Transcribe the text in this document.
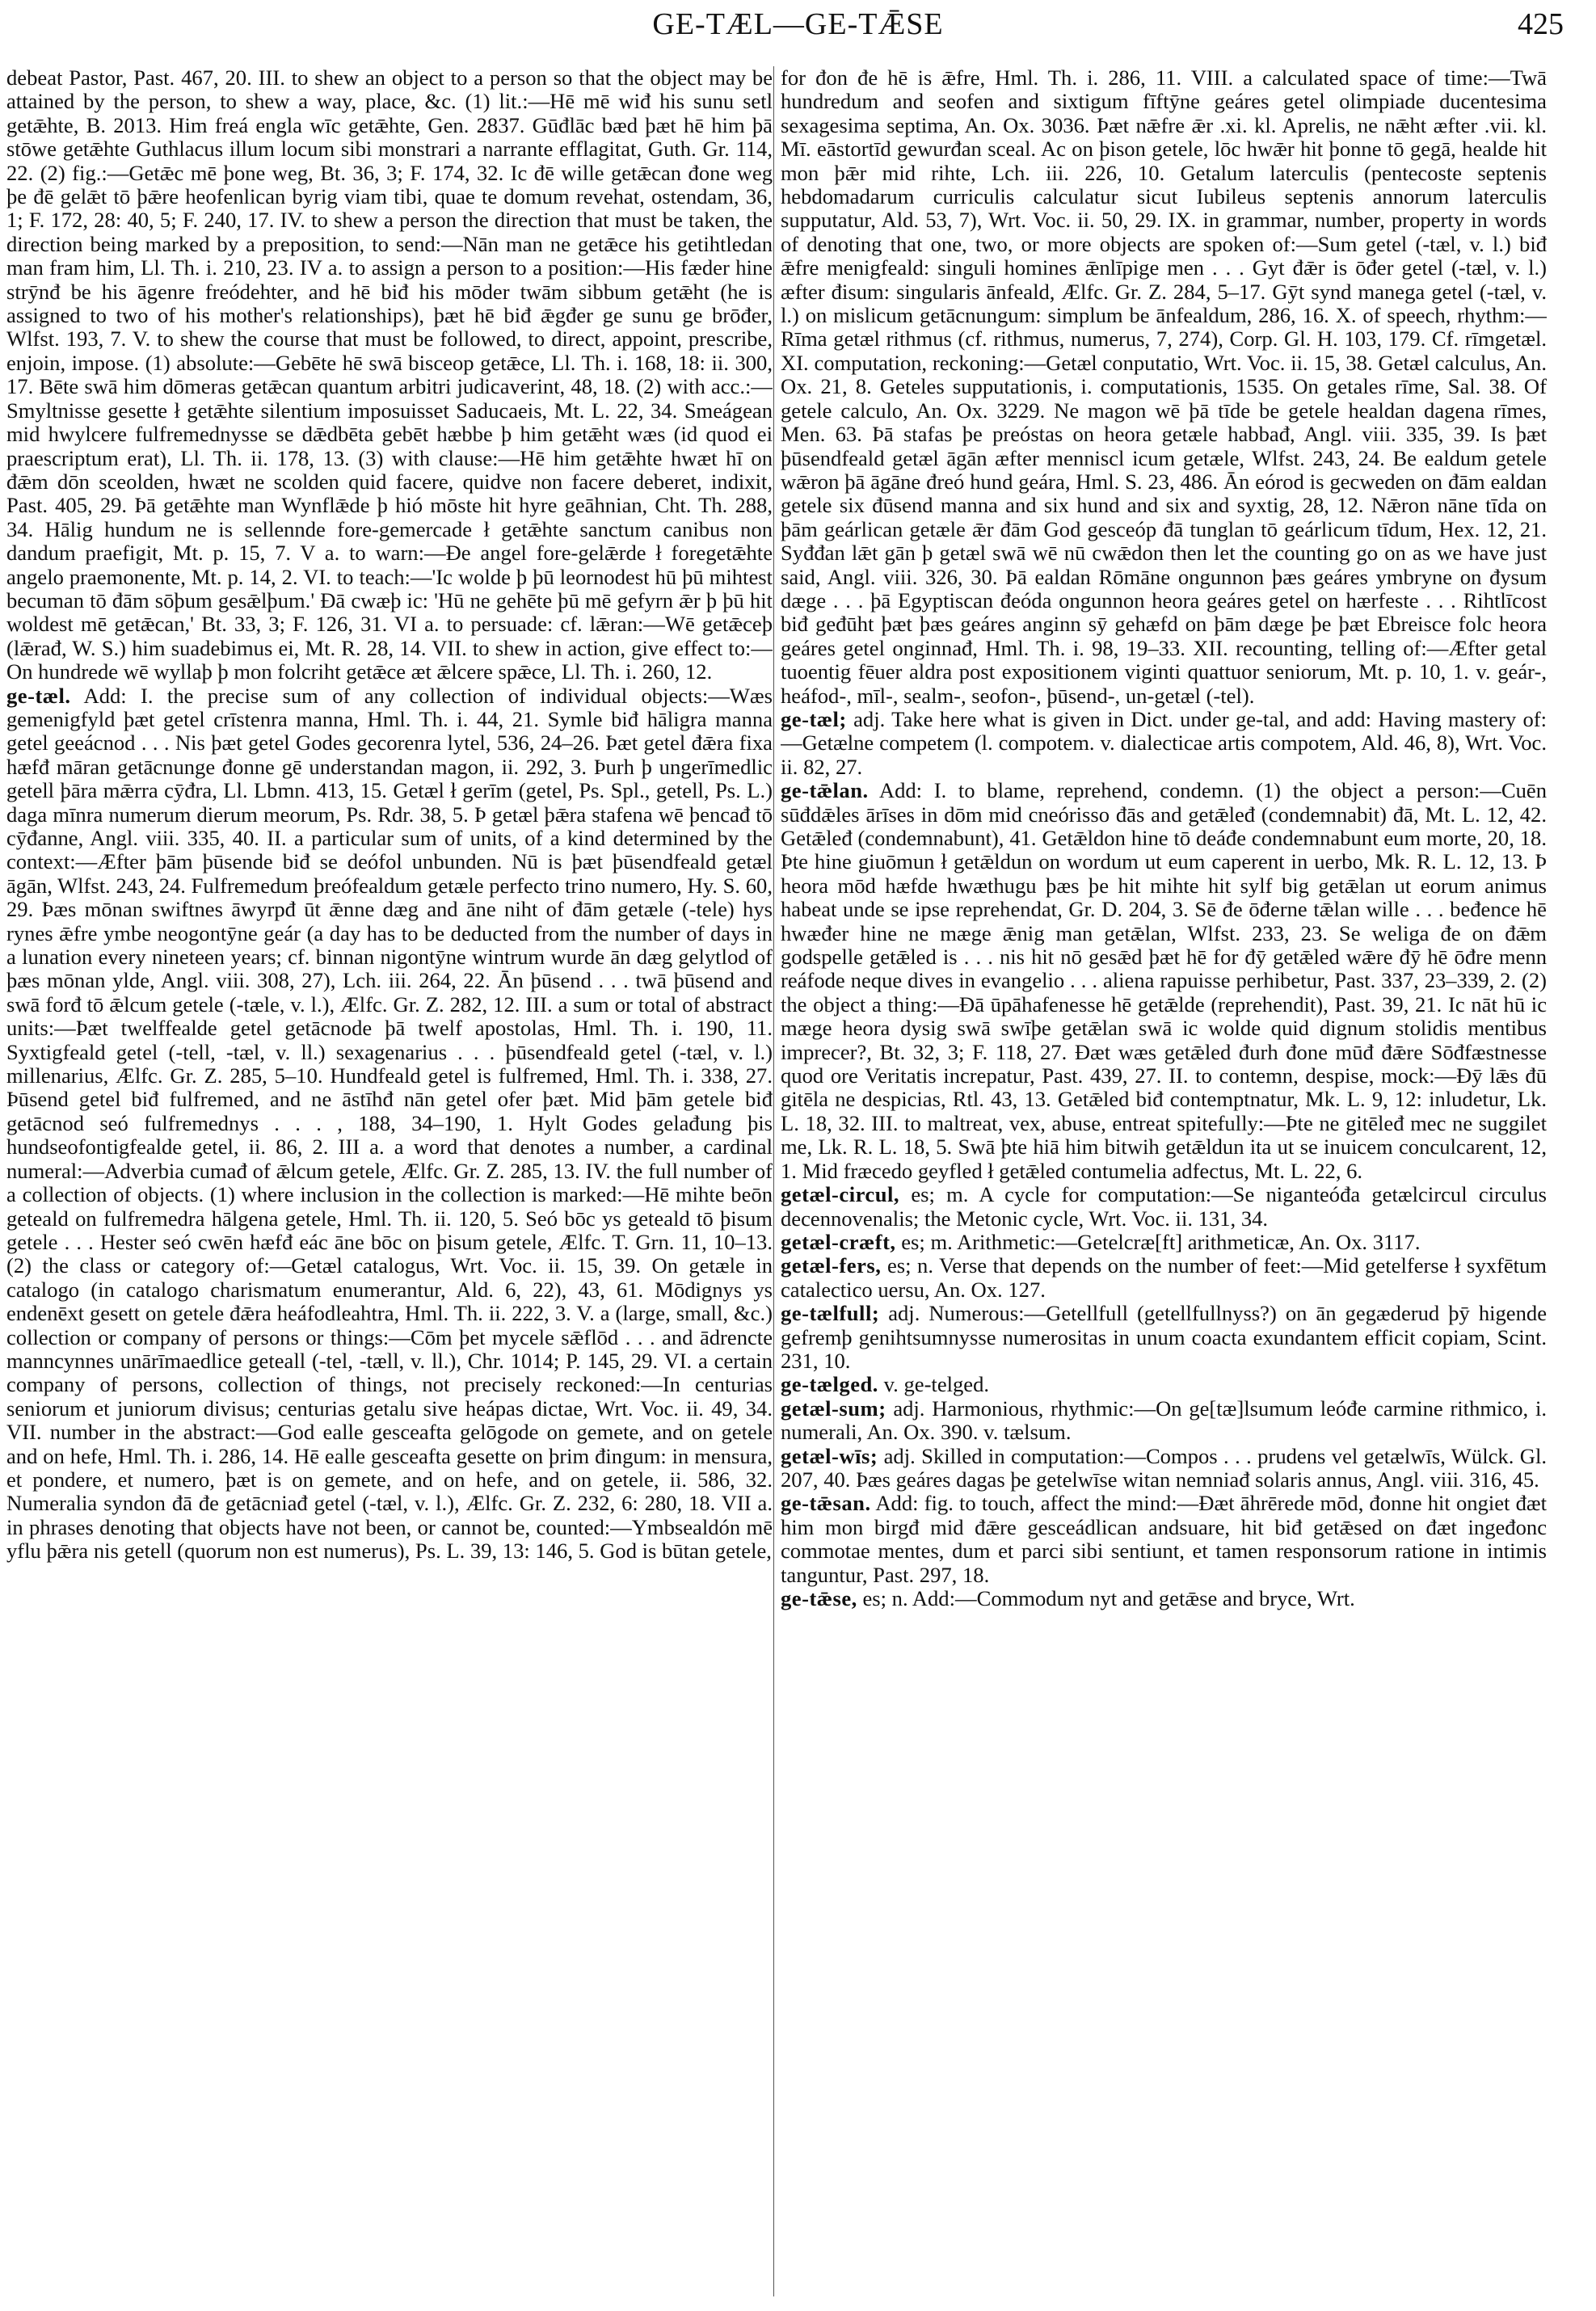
GE-TÆL—GE-TǢSE	425

debeat Pastor, Past. 467, 20. III. to shew an object to a person so that the object may be attained by the person, to shew a way, place, &c. (1) lit.:—Hē mē wiđ his sunu setl getǣhte, B. 2013. Him freá engla wīc getǣhte, Gen. 2837. Gūđlāc bæd þæt hē him þā stōwe getǣhte Guthlacus illum locum sibi monstrari a narrante efflagitat, Guth. Gr. 114, 22. (2) fig.:—Getǣc mē þone weg, Bt. 36, 3; F. 174, 32. Ic đē wille getǣcan đone weg þe đē gelǣt tō þǣre heofenlican byrig viam tibi, quae te domum revehat, ostendam, 36, 1; F. 172, 28: 40, 5; F. 240, 17. IV. to shew a person the direction that must be taken, the direction being marked by a preposition, to send:—Nān man ne getǣce his getihtledan man fram him, Ll. Th. i. 210, 23. IV a. to assign a person to a position:—His fæder hine strȳnđ be his āgenre freódehter, and hē biđ his mōder twām sibbum getǣht (he is assigned to two of his mother's relationships), þæt hē biđ ǣgđer ge sunu ge brōđer, Wlfst. 193, 7. V. to shew the course that must be followed, to direct, appoint, prescribe, enjoin, impose. (1) absolute:—Gebēte hē swā bisceop getǣce, Ll. Th. i. 168, 18: ii. 300, 17. Bēte swā him dōmeras getǣcan quantum arbitri judicaverint, 48, 18. (2) with acc.:—Smyltnisse gesette ł getǣhte silentium imposuisset Saducaeis, Mt. L. 22, 34. Smeágean mid hwylcere fulfremednysse se dǣdbēta gebēt hæbbe þ him getǣht wæs (id quod ei praescriptum erat), Ll. Th. ii. 178, 13. (3) with clause:—Hē him getǣhte hwæt hī on đǣm dōn sceolden, hwæt ne scolden quid facere, quidve non facere deberet, indixit, Past. 405, 29. Þā getǣhte man Wynflǣde þ hió mōste hit hyre geāhnian, Cht. Th. 288, 34. Hālig hundum ne is sellennde fore-gemercade ł getǣhte sanctum canibus non dandum praefigit, Mt. p. 15, 7. V a. to warn:—Đe angel fore-gelǣrde ł foregetǣhte angelo praemonente, Mt. p. 14, 2. VI. to teach:—'Ic wolde þ þū leornodest hū þū mihtest becuman tō đām sōþum gesǣlþum.' Đā cwæþ ic: 'Hū ne gehēte þū mē gefyrn ǣr þ þū hit woldest mē getǣcan,' Bt. 33, 3; F. 126, 31. VI a. to persuade: cf. lǣran:—Wē getǣceþ (lǣrađ, W. S.) him suadebimus ei, Mt. R. 28, 14. VII. to shew in action, give effect to:—On hundrede wē wyllaþ þ mon folcriht getǣce æt ǣlcere spǣce, Ll. Th. i. 260, 12.

ge-tæl. Add: I. the precise sum of any collection of individual objects:—Wæs gemenigfyld þæt getel crīstenra manna, Hml. Th. i. 44, 21. Symle biđ hāligra manna getel geeácnod . . . Nis þæt getel Godes gecorenra lytel, 536, 24–26. Þæt getel đǣra fixa hæfđ māran getācnunge đonne gē understandan magon, ii. 292, 3. Þurh þ ungerīmedlic getell þāra mǣrra cȳđra, Ll. Lbmn. 413, 15. Getæl ł gerīm (getel, Ps. Spl., getell, Ps. L.) daga mīnra numerum dierum meorum, Ps. Rdr. 38, 5. Þ getæl þǣra stafena wē þencađ tō cȳđanne, Angl. viii. 335, 40. II. a particular sum of units, of a kind determined by the context:—Æfter þām þūsende biđ se deófol unbunden. Nū is þæt þūsendfeald getæl āgān, Wlfst. 243, 24. Fulfremedum þreófealdum getæle perfecto trino numero, Hy. S. 60, 29. Þæs mōnan swiftnes āwyrpđ ūt ǣnne dæg and āne niht of đām getæle (-tele) hys rynes ǣfre ymbe neogontȳne geár (a day has to be deducted from the number of days in a lunation every nineteen years; cf. binnan nigontȳne wintrum wurde ān dæg gelytlod of þæs mōnan ylde, Angl. viii. 308, 27), Lch. iii. 264, 22. Ān þūsend . . . twā þūsend and swā forđ tō ǣlcum getele (-tæle, v. l.), Ælfc. Gr. Z. 282, 12. III. a sum or total of abstract units:—Þæt twelffealde getel getācnode þā twelf apostolas, Hml. Th. i. 190, 11. Syxtigfeald getel (-tell, -tæl, v. ll.) sexagenarius . . . þūsendfeald getel (-tæl, v. l.) millenarius, Ælfc. Gr. Z. 285, 5–10. Hundfeald getel is fulfremed, Hml. Th. i. 338, 27. Þūsend getel biđ fulfremed, and ne āstīhđ nān getel ofer þæt. Mid þām getele biđ getācnod seó fulfremednys . . . , 188, 34–190, 1. Hylt Godes gelađung þis hundseofontigfealde getel, ii. 86, 2. III a. a word that denotes a number, a cardinal numeral:—Adverbia cumađ of ǣlcum getele, Ælfc. Gr. Z. 285, 13. IV. the full number of a collection of objects. (1) where inclusion in the collection is marked:—Hē mihte beōn geteald on fulfremedra hālgena getele, Hml. Th. ii. 120, 5. Seó bōc ys geteald tō þisum getele . . . Hester seó cwēn hæfđ eác āne bōc on þisum getele, Ælfc. T. Grn. 11, 10–13. (2) the class or category of:—Getæl catalogus, Wrt. Voc. ii. 15, 39. On getæle in catalogo (in catalogo charismatum enumerantur, Ald. 6, 22), 43, 61. Mōdignys ys endenēxt gesett on getele đǣra heáfodleahtra, Hml. Th. ii. 222, 3. V. a (large, small, &c.) collection or company of persons or things:—Cōm þet mycele sǣflōd . . . and ādrencte manncynnes unārīmaedlice geteall (-tel, -tæll, v. ll.), Chr. 1014; P. 145, 29. VI. a certain company of persons, collection of things, not precisely reckoned:—In centurias seniorum et juniorum divisus; centurias getalu sive heápas dictae, Wrt. Voc. ii. 49, 34. VII. number in the abstract:—God ealle gesceafta gelōgode on gemete, and on getele and on hefe, Hml. Th. i. 286, 14. Hē ealle gesceafta gesette on þrim đingum: in mensura, et pondere, et numero, þæt is on gemete, and on hefe, and on getele, ii. 586, 32. Numeralia syndon đā đe getācniađ getel (-tæl, v. l.), Ælfc. Gr. Z. 232, 6: 280, 18. VII a. in phrases denoting that objects have not been, or cannot be, counted:—Ymbsealdón mē yflu þǣra nis getell (quorum non est numerus), Ps. L. 39, 13: 146, 5. God is būtan getele,

for đon đe hē is ǣfre, Hml. Th. i. 286, 11. VIII. a calculated space of time:—Twā hundredum and seofen and sixtigum fīftȳne geáres getel olimpiade ducentesima sexagesima septima, An. Ox. 3036. Þæt nǣfre ǣr .xi. kl. Aprelis, ne nǣht æfter .vii. kl. Mī. eāstortīd gewurđan sceal. Ac on þison getele, lōc hwǣr hit þonne tō gegā, healde hit mon þǣr mid rihte, Lch. iii. 226, 10. Getalum laterculis (pentecoste septenis hebdomadarum curriculis calculatur sicut Iubileus septenis annorum laterculis supputatur, Ald. 53, 7), Wrt. Voc. ii. 50, 29. IX. in grammar, number, property in words of denoting that one, two, or more objects are spoken of:—Sum getel (-tæl, v. l.) biđ ǣfre menigfeald: singuli homines ǣnlīpige men . . . Gyt đǣr is ōđer getel (-tæl, v. l.) æfter đisum: singularis ānfeald, Ælfc. Gr. Z. 284, 5–17. Gȳt synd manega getel (-tæl, v. l.) on mislicum getācnungum: simplum be ānfealdum, 286, 16. X. of speech, rhythm:—Rīma getæl rithmus (cf. rithmus, numerus, 7, 274), Corp. Gl. H. 103, 179. Cf. rīmgetæl. XI. computation, reckoning:—Getæl conputatio, Wrt. Voc. ii. 15, 38. Getæl calculus, An. Ox. 21, 8. Geteles supputationis, i. computationis, 1535. On getales rīme, Sal. 38. Of getele calculo, An. Ox. 3229. Ne magon wē þā tīde be getele healdan dagena rīmes, Men. 63. Þā stafas þe preóstas on heora getæle habbađ, Angl. viii. 335, 39. Is þæt þūsendfeald getæl āgān æfter menniscl icum getæle, Wlfst. 243, 24. Be ealdum getele wǣron þā āgāne đreó hund geára, Hml. S. 23, 486. Ān eórod is gecweden on đām ealdan getele six đūsend manna and six hund and six and syxtig, 28, 12. Nǣron nāne tīda on þām geárlican getæle ǣr đām God gesceóp đā tunglan tō geárlicum tīdum, Hex. 12, 21. Syđđan lǣt gān þ getæl swā wē nū cwǣdon then let the counting go on as we have just said, Angl. viii. 326, 30. Þā ealdan Rōmāne ongunnon þæs geáres ymbryne on đysum dæge . . . þā Egyptiscan đeóda ongunnon heora geáres getel on hærfeste . . . Rihtlīcost biđ geđūht þæt þæs geáres anginn sȳ gehæfd on þām dæge þe þæt Ebreisce folc heora geáres getel onginnađ, Hml. Th. i. 98, 19–33. XII. recounting, telling of:—Æfter getal tuoentig fēuer aldra post expositionem viginti quattuor seniorum, Mt. p. 10, 1. v. geár-, heáfod-, mīl-, sealm-, seofon-, þūsend-, un-getæl (-tel).

ge-tæl; adj. Take here what is given in Dict. under ge-tal, and add: Having mastery of:—Getælne competem (l. compotem. v. dialecticae artis compotem, Ald. 46, 8), Wrt. Voc. ii. 82, 27.

ge-tǣlan. Add: I. to blame, reprehend, condemn. (1) the object a person:—Cuēn sūđdǣles ārīses in dōm mid cneórisso đās and getǣleđ (condemnabit) đā, Mt. L. 12, 42. Getǣleđ (condemnabunt), 41. Getǣldon hine tō deáđe condemnabunt eum morte, 20, 18. Þte hine giuōmun ł getǣldun on wordum ut eum caperent in uerbo, Mk. R. L. 12, 13. Þ heora mōd hæfde hwæthugu þæs þe hit mihte hit sylf big getǣlan ut eorum animus habeat unde se ipse reprehendat, Gr. D. 204, 3. Sē đe ōđerne tǣlan wille . . . beđence hē hwæđer hine ne mæge ǣnig man getǣlan, Wlfst. 233, 23. Se weliga đe on đǣm godspelle getǣled is . . . nis hit nō gesǣd þæt hē for đȳ getǣled wǣre đȳ hē ōđre menn reáfode neque dives in evangelio . . . aliena rapuisse perhibetur, Past. 337, 23–339, 2. (2) the object a thing:—Đā ūpāhafenesse hē getǣlde (reprehendit), Past. 39, 21. Ic nāt hū ic mæge heora dysig swā swīþe getǣlan swā ic wolde quid dignum stolidis mentibus imprecer?, Bt. 32, 3; F. 118, 27. Đæt wæs getǣled đurh đone mūđ đǣre Sōđfæstnesse quod ore Veritatis increpatur, Past. 439, 27. II. to contemn, despise, mock:—Đȳ lǣs đū gitēla ne despicias, Rtl. 43, 13. Getǣled biđ contemptnatur, Mk. L. 9, 12: inludetur, Lk. L. 18, 32. III. to maltreat, vex, abuse, entreat spitefully:—Þte ne gitēleđ mec ne suggilet me, Lk. R. L. 18, 5. Swā þte hiā him bitwih getǣldun ita ut se inuicem conculcarent, 12, 1. Mid fræcedo geyfled ł getǣled contumelia adfectus, Mt. L. 22, 6.

getæl-circul, es; m. A cycle for computation:—Se niganteóđa getælcircul circulus decennovenalis; the Metonic cycle, Wrt. Voc. ii. 131, 34.

getæl-cræft, es; m. Arithmetic:—Getelcræ[ft] arithmeticæ, An. Ox. 3117.

getæl-fers, es; n. Verse that depends on the number of feet:—Mid getelferse ł syxfētum catalectico uersu, An. Ox. 127.

ge-tælfull; adj. Numerous:—Getellfull (getellfullnyss?) on ān gegæderud þȳ higende gefremþ genihtsumnysse numerositas in unum coacta exundantem efficit copiam, Scint. 231, 10.

ge-tælged. v. ge-telged.

getæl-sum; adj. Harmonious, rhythmic:—On ge[tæ]lsumum leóđe carmine rithmico, i. numerali, An. Ox. 390. v. tælsum.

getæl-wīs; adj. Skilled in computation:—Compos . . . prudens vel getælwīs, Wülck. Gl. 207, 40. Þæs geáres dagas þe getelwīse witan nemniađ solaris annus, Angl. viii. 316, 45.

ge-tǣsan. Add: fig. to touch, affect the mind:—Đæt āhrērede mōd, đonne hit ongiet đæt him mon birgđ mid đǣre gesceádlican andsuare, hit biđ getǣsed on đæt ingeđonc commotae mentes, dum et parci sibi sentiunt, et tamen responsorum ratione in intimis tanguntur, Past. 297, 18.

ge-tǣse, es; n. Add:—Commodum nyt and getǣse and bryce, Wrt.
